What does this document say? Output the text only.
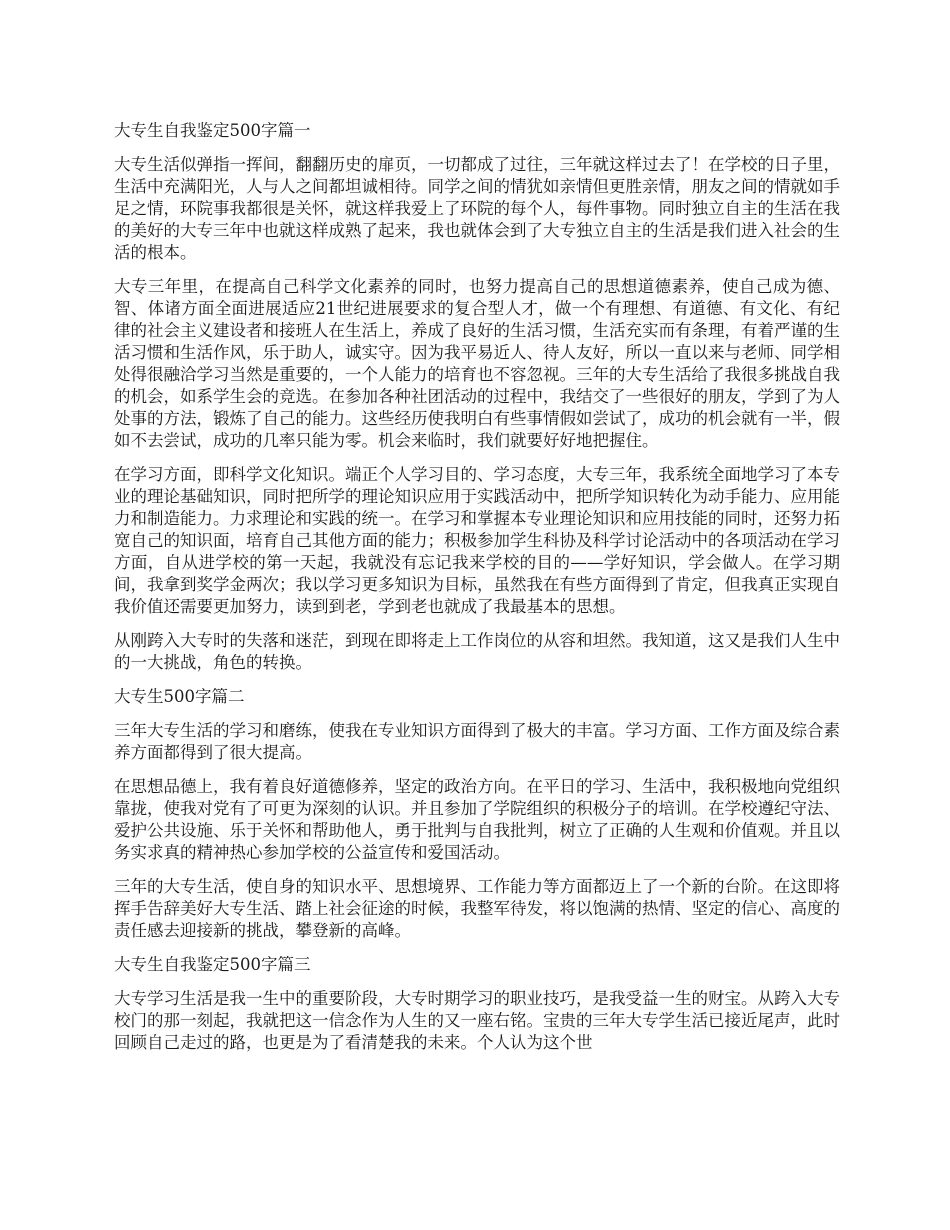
大专生自我鉴定500字篇一

大专生活似弹指一挥间，翻翻历史的扉页，一切都成了过往，三年就这样过去了！在学校的日子里，生活中充满阳光，人与人之间都坦诚相待。同学之间的情犹如亲情但更胜亲情，朋友之间的情就如手足之情，环院事我都很是关怀，就这样我爱上了环院的每个人，每件事物。同时独立自主的生活在我的美好的大专三年中也就这样成熟了起来，我也就体会到了大专独立自主的生活是我们进入社会的生活的根本。

大专三年里，在提高自己科学文化素养的同时，也努力提高自己的思想道德素养，使自己成为德、智、体诸方面全面进展适应21世纪进展要求的复合型人才，做一个有理想、有道德、有文化、有纪律的社会主义建设者和接班人在生活上，养成了良好的生活习惯，生活充实而有条理，有着严谨的生活习惯和生活作风，乐于助人，诚实守。因为我平易近人、待人友好，所以一直以来与老师、同学相处得很融洽学习当然是重要的，一个人能力的培育也不容忽视。三年的大专生活给了我很多挑战自我的机会，如系学生会的竞选。在参加各种社团活动的过程中，我结交了一些很好的朋友，学到了为人处事的方法，锻炼了自己的能力。这些经历使我明白有些事情假如尝试了，成功的机会就有一半，假如不去尝试，成功的几率只能为零。机会来临时，我们就要好好地把握住。

在学习方面，即科学文化知识。端正个人学习目的、学习态度，大专三年，我系统全面地学习了本专业的理论基础知识，同时把所学的理论知识应用于实践活动中，把所学知识转化为动手能力、应用能力和制造能力。力求理论和实践的统一。在学习和掌握本专业理论知识和应用技能的同时，还努力拓宽自己的知识面，培育自己其他方面的能力；积极参加学生科协及科学讨论活动中的各项活动在学习方面，自从进学校的第一天起，我就没有忘记我来学校的目的——学好知识，学会做人。在学习期间，我拿到奖学金两次；我以学习更多知识为目标，虽然我在有些方面得到了肯定，但我真正实现自我价值还需要更加努力，读到到老，学到老也就成了我最基本的思想。

从刚跨入大专时的失落和迷茫，到现在即将走上工作岗位的从容和坦然。我知道，这又是我们人生中的一大挑战，角色的转换。

大专生500字篇二

三年大专生活的学习和磨练，使我在专业知识方面得到了极大的丰富。学习方面、工作方面及综合素养方面都得到了很大提高。

在思想品德上，我有着良好道德修养，坚定的政治方向。在平日的学习、生活中，我积极地向党组织靠拢，使我对党有了可更为深刻的认识。并且参加了学院组织的积极分子的培训。在学校遵纪守法、爱护公共设施、乐于关怀和帮助他人，勇于批判与自我批判，树立了正确的人生观和价值观。并且以务实求真的精神热心参加学校的公益宣传和爱国活动。

三年的大专生活，使自身的知识水平、思想境界、工作能力等方面都迈上了一个新的台阶。在这即将挥手告辞美好大专生活、踏上社会征途的时候，我整军待发，将以饱满的热情、坚定的信心、高度的责任感去迎接新的挑战，攀登新的高峰。

大专生自我鉴定500字篇三

大专学习生活是我一生中的重要阶段，大专时期学习的职业技巧，是我受益一生的财宝。从跨入大专校门的那一刻起，我就把这一信念作为人生的又一座右铭。宝贵的三年大专学生活已接近尾声，此时回顾自己走过的路，也更是为了看清楚我的未来。个人认为这个世
